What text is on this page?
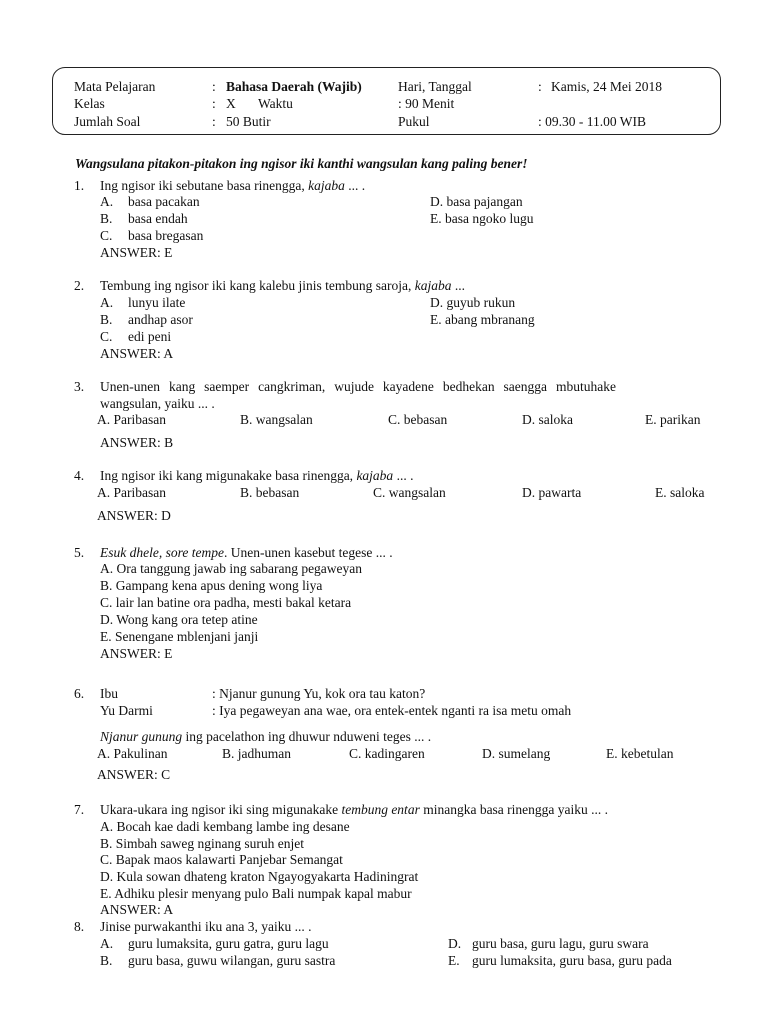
Mata Pelajaran	: Bahasa Daerah (Wajib)	Hari, Tanggal	: Kamis, 24 Mei 2018
Kelas	: X Waktu	: 90 Menit
Jumlah Soal	: 50 Butir	Pukul	: 09.30 - 11.00 WIB
Wangsulana pitakon-pitakon ing ngisor iki kanthi wangsulan kang paling bener!
1. Ing ngisor iki sebutane basa rinengga, kajaba ... .
A. basa pacakan
B. basa endah
C. basa bregasan
D. basa pajangan
E. basa ngoko lugu
ANSWER: E
2. Tembung ing ngisor iki kang kalebu jinis tembung saroja, kajaba ...
A. lunyu ilate
B. andhap asor
C. edi peni
D. guyub rukun
E. abang mbranang
ANSWER: A
3. Unen-unen kang saemper cangkriman, wujude kayadene bedhekan saengga mbutuhake
wangsulan, yaiku ... .
A. Paribasan	B. wangsalan	C. bebasan	D. saloka	E. parikan
ANSWER: B
4. Ing ngisor iki kang migunakake basa rinengga, kajaba ... .
A. Paribasan	B. bebasan	C. wangsalan	D. pawarta	E. saloka
ANSWER: D
5. Esuk dhele, sore tempe. Unen-unen kasebut tegese ... .
A. Ora tanggung jawab ing sabarang pegaweyan
B. Gampang kena apus dening wong liya
C. lair lan batine ora padha, mesti bakal ketara
D. Wong kang ora tetep atine
E. Senengane mblenjani janji
ANSWER: E
6. Ibu	: Njanur gunung Yu, kok ora tau katon?
Yu Darmi	: Iya pegaweyan ana wae, ora entek-entek nganti ra isa metu omah
Njanur gunung ing pacelathon ing dhuwur nduweni teges ... .
A. Pakulinan	B. jadhuman	C. kadingaren	D. sumelang	E. kebetulan
ANSWER: C
7. Ukara-ukara ing ngisor iki sing migunakake tembung entar minangka basa rinengga yaiku ... .
A. Bocah kae dadi kembang lambe ing desane
B. Simbah saweg nginang suruh enjet
C. Bapak maos kalawarti Panjebar Semangat
D. Kula sowan dhateng kraton Ngayogyakarta Hadiningrat
E. Adhiku plesir menyang pulo Bali numpak kapal mabur
ANSWER: A
8. Jinise purwakanthi iku ana 3, yaiku ... .
A. guru lumaksita, guru gatra, guru lagu
B. guru basa, guwu wilangan, guru sastra
D. guru basa, guru lagu, guru swara
E. guru lumaksita, guru basa, guru pada
